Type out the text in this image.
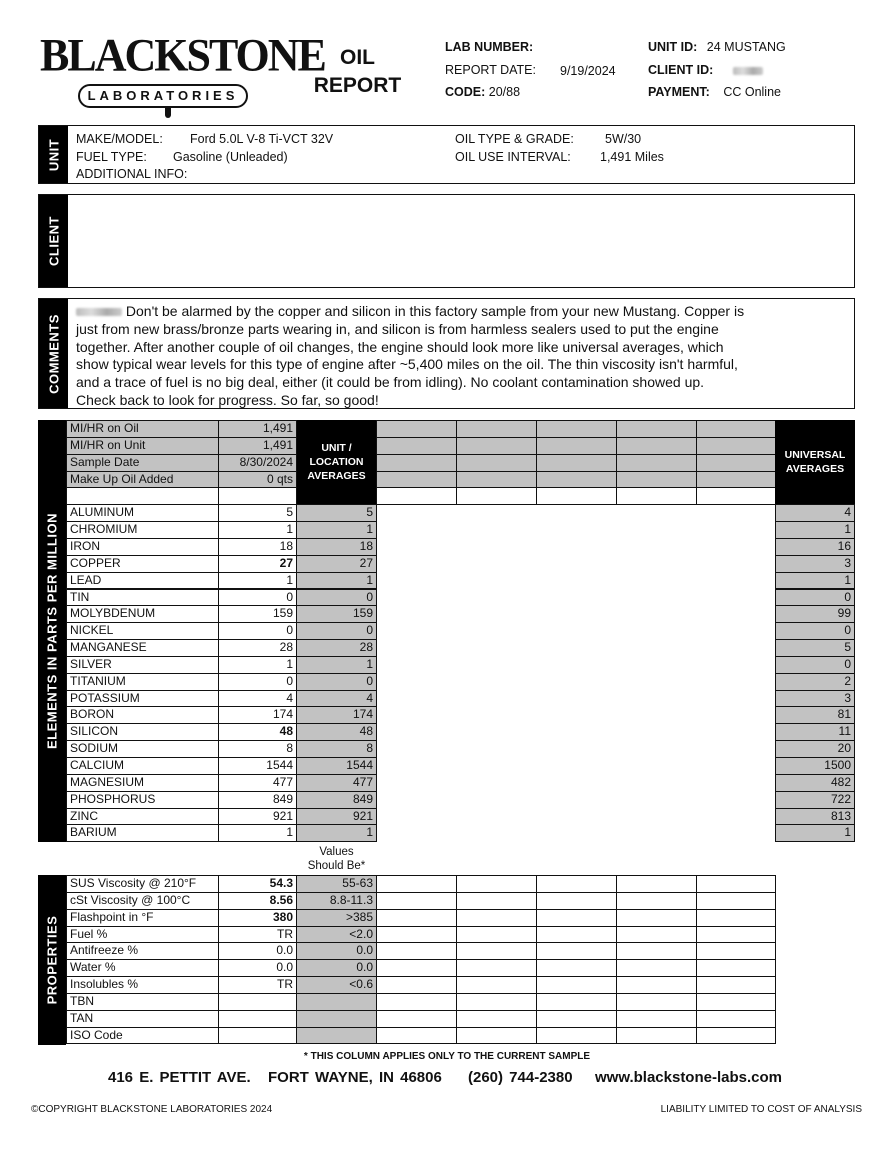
BLACKSTONE
LABORATORIES
OIL
REPORT
LAB NUMBER:
REPORT DATE: 9/19/2024
CODE: 20/88
UNIT ID: 24 MUSTANG
CLIENT ID:
PAYMENT: CC Online
UNIT MAKE/MODEL: Ford 5.0L V-8 Ti-VCT 32V
FUEL TYPE: Gasoline (Unleaded)
ADDITIONAL INFO:
OIL TYPE & GRADE: 5W/30
OIL USE INTERVAL: 1,491 Miles
CLIENT
COMMENTS
Don't be alarmed by the copper and silicon in this factory sample from your new Mustang. Copper is
just from new brass/bronze parts wearing in, and silicon is from harmless sealers used to put the engine
together. After another couple of oil changes, the engine should look more like universal averages, which
show typical wear levels for this type of engine after ~5,400 miles on the oil. The thin viscosity isn't harmful,
and a trace of fuel is no big deal, either (it could be from idling). No coolant contamination showed up.
Check back to look for progress. So far, so good!
ELEMENTS IN PARTS PER MILLION
MI/HR on Oil	1,491
MI/HR on Unit	1,491
Sample Date	8/30/2024
Make Up Oil Added	0 qts
UNIT / LOCATION AVERAGES
UNIVERSAL AVERAGES
ALUMINUM	5	5	4
CHROMIUM	1	1	1
IRON	18	18	16
COPPER	27	27	3
LEAD	1	1	1
TIN	0	0	0
MOLYBDENUM	159	159	99
NICKEL	0	0	0
MANGANESE	28	28	5
SILVER	1	1	0
TITANIUM	0	0	2
POTASSIUM	4	4	3
BORON	174	174	81
SILICON	48	48	11
SODIUM	8	8	20
CALCIUM	1544	1544	1500
MAGNESIUM	477	477	482
PHOSPHORUS	849	849	722
ZINC	921	921	813
BARIUM	1	1	1
Values
Should Be*
PROPERTIES
SUS Viscosity @ 210°F	54.3	55-63
cSt Viscosity @ 100°C	8.56	8.8-11.3
Flashpoint in °F	380	>385
Fuel %	TR	<2.0
Antifreeze %	0.0	0.0
Water %	0.0	0.0
Insolubles %	TR	<0.6
TBN
TAN
ISO Code
* THIS COLUMN APPLIES ONLY TO THE CURRENT SAMPLE
416 E. PETTIT AVE. FORT WAYNE, IN 46806 (260) 744-2380 www.blackstone-labs.com
©COPYRIGHT BLACKSTONE LABORATORIES 2024	LIABILITY LIMITED TO COST OF ANALYSIS
